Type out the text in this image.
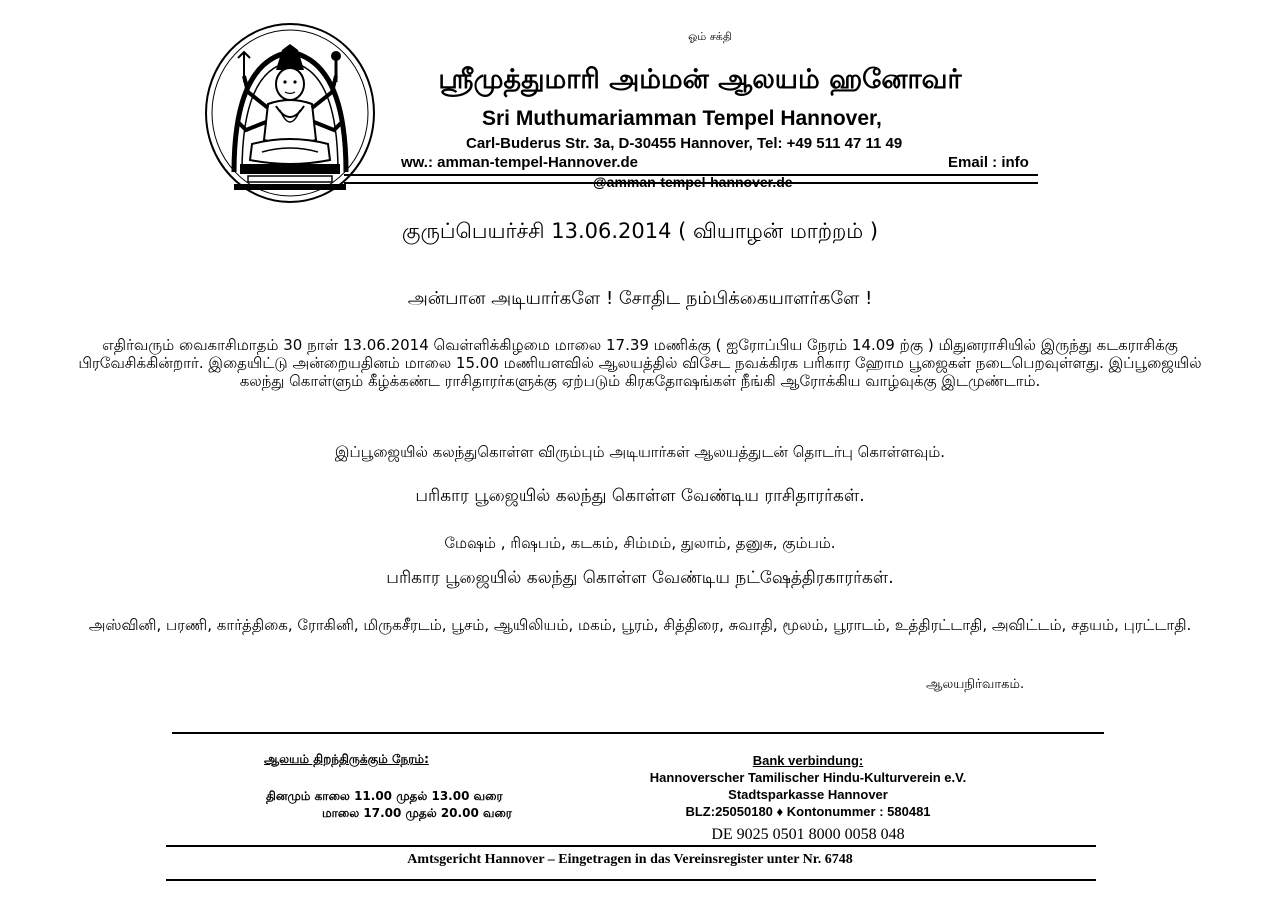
ஓம் சக்தி
ஸ்ரீமுத்துமாரி அம்மன் ஆலயம் ஹனோவர்
Sri Muthumariamman Tempel Hannover,
Carl-Buderus Str. 3a, D-30455 Hannover, Tel: +49 511 47 11 49
ww.: amman-tempel-Hannover.de	Email : info
@amman-tempel-hannover.de
குருப்பெயர்ச்சி 13.06.2014 ( வியாழன் மாற்றம் )
அன்பான அடியார்களே ! சோதிட நம்பிக்கையாளர்களே !
எதிர்வரும் வைகாசிமாதம் 30 நாள் 13.06.2014 வெள்ளிக்கிழமை மாலை 17.39 மணிக்கு ( ஐரோப்பிய நேரம் 14.09 ற்கு ) மிதுனராசியில் இருந்து கடகராசிக்கு பிரவேசிக்கின்றார். இதையிட்டு அன்றையதினம் மாலை 15.00 மணியளவில் ஆலயத்தில் விசேட நவக்கிரக பரிகார ஹோம பூஜைகள் நடைபெறவுள்ளது. இப்பூஜையில் கலந்து கொள்ளும் கீழ்க்கண்ட ராசிதாரர்களுக்கு ஏற்படும் கிரகதோஷங்கள் நீங்கி ஆரோக்கிய வாழ்வுக்கு இடமுண்டாம்.
இப்பூஜையில் கலந்துகொள்ள விரும்பும் அடியார்கள் ஆலயத்துடன் தொடர்பு கொள்ளவும்.
பரிகார பூஜையில் கலந்து கொள்ள வேண்டிய ராசிதாரர்கள்.
மேஷம் , ரிஷபம், கடகம், சிம்மம், துலாம், தனுசு, கும்பம்.
பரிகார பூஜையில் கலந்து கொள்ள வேண்டிய நட்ஷேத்திரகாரர்கள்.
அஸ்வினி, பரணி, கார்த்திகை, ரோகினி, மிருகசீரடம், பூசம், ஆயிலியம், மகம், பூரம், சித்திரை, சுவாதி, மூலம், பூராடம், உத்திரட்டாதி, அவிட்டம், சதயம், புரட்டாதி.
ஆலயநிர்வாகம்.
ஆலயம் திறந்திருக்கும் நேரம்:
தினமும் காலை 11.00 முதல் 13.00 வரை
மாலை 17.00 முதல் 20.00 வரை
Bank verbindung:
Hannoverscher Tamilischer Hindu-Kulturverein e.V.
Stadtsparkasse Hannover
BLZ:25050180 ♦ Kontonummer : 580481
DE 9025 0501 8000 0058 048
Amtsgericht Hannover – Eingetragen in das Vereinsregister unter Nr. 6748
